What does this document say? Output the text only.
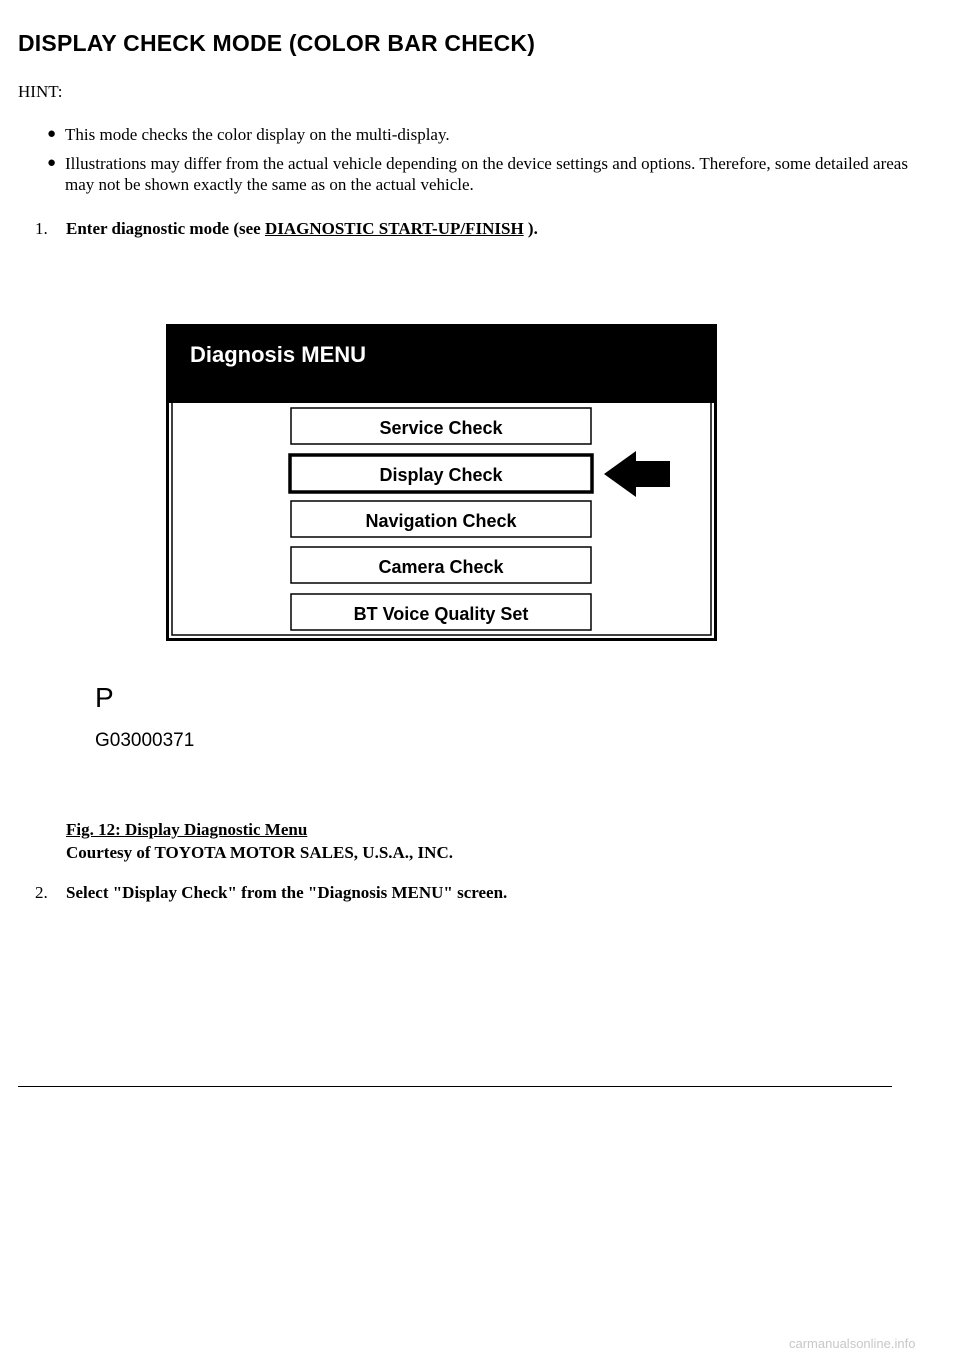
DISPLAY CHECK MODE (COLOR BAR CHECK)
HINT:
● This mode checks the color display on the multi-display.
● Illustrations may differ from the actual vehicle depending on the device settings and options. Therefore, some detailed areas may not be shown exactly the same as on the actual vehicle.
1. Enter diagnostic mode (see DIAGNOSTIC START-UP/FINISH ).
Diagnosis MENU
Service Check
Display Check
Navigation Check
Camera Check
BT Voice Quality Set
P
G03000371
Fig. 12: Display Diagnostic Menu
Courtesy of TOYOTA MOTOR SALES, U.S.A., INC.
2. Select "Display Check" from the "Diagnosis MENU" screen.
carmanualsonline.info
